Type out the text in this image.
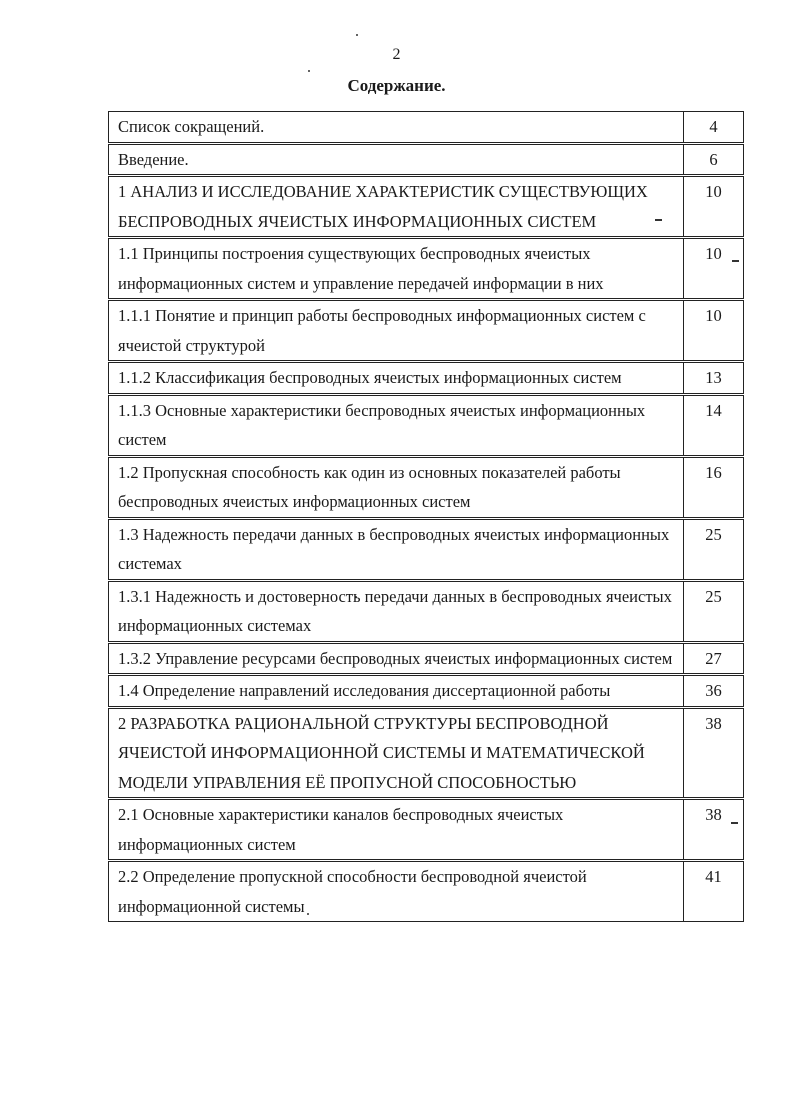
2
Содержание.
Список сокращений.	4
Введение.	6
1 АНАЛИЗ И ИССЛЕДОВАНИЕ ХАРАКТЕРИСТИК СУЩЕСТВУЮЩИХ БЕСПРОВОДНЫХ ЯЧЕИСТЫХ ИНФОРМАЦИОННЫХ СИСТЕМ	10
1.1 Принципы построения существующих беспроводных ячеистых информационных систем и управление передачей информации в них	10
1.1.1 Понятие и принцип работы беспроводных информационных систем с ячеистой структурой	10
1.1.2 Классификация беспроводных ячеистых информационных систем	13
1.1.3 Основные характеристики беспроводных ячеистых информационных систем	14
1.2 Пропускная способность как один из основных показателей работы беспроводных ячеистых информационных систем	16
1.3 Надежность передачи данных в беспроводных ячеистых информационных системах	25
1.3.1 Надежность и достоверность передачи данных в беспроводных ячеистых информационных системах	25
1.3.2 Управление ресурсами беспроводных ячеистых информационных систем	27
1.4 Определение направлений исследования диссертационной работы	36
2 РАЗРАБОТКА РАЦИОНАЛЬНОЙ СТРУКТУРЫ БЕСПРОВОДНОЙ ЯЧЕИСТОЙ ИНФОРМАЦИОННОЙ СИСТЕМЫ И МАТЕМАТИЧЕСКОЙ МОДЕЛИ УПРАВЛЕНИЯ ЕЁ ПРОПУСНОЙ СПОСОБНОСТЬЮ	38
2.1 Основные характеристики каналов беспроводных ячеистых информационных систем	38
2.2 Определение пропускной способности беспроводной ячеистой информационной системы	41
